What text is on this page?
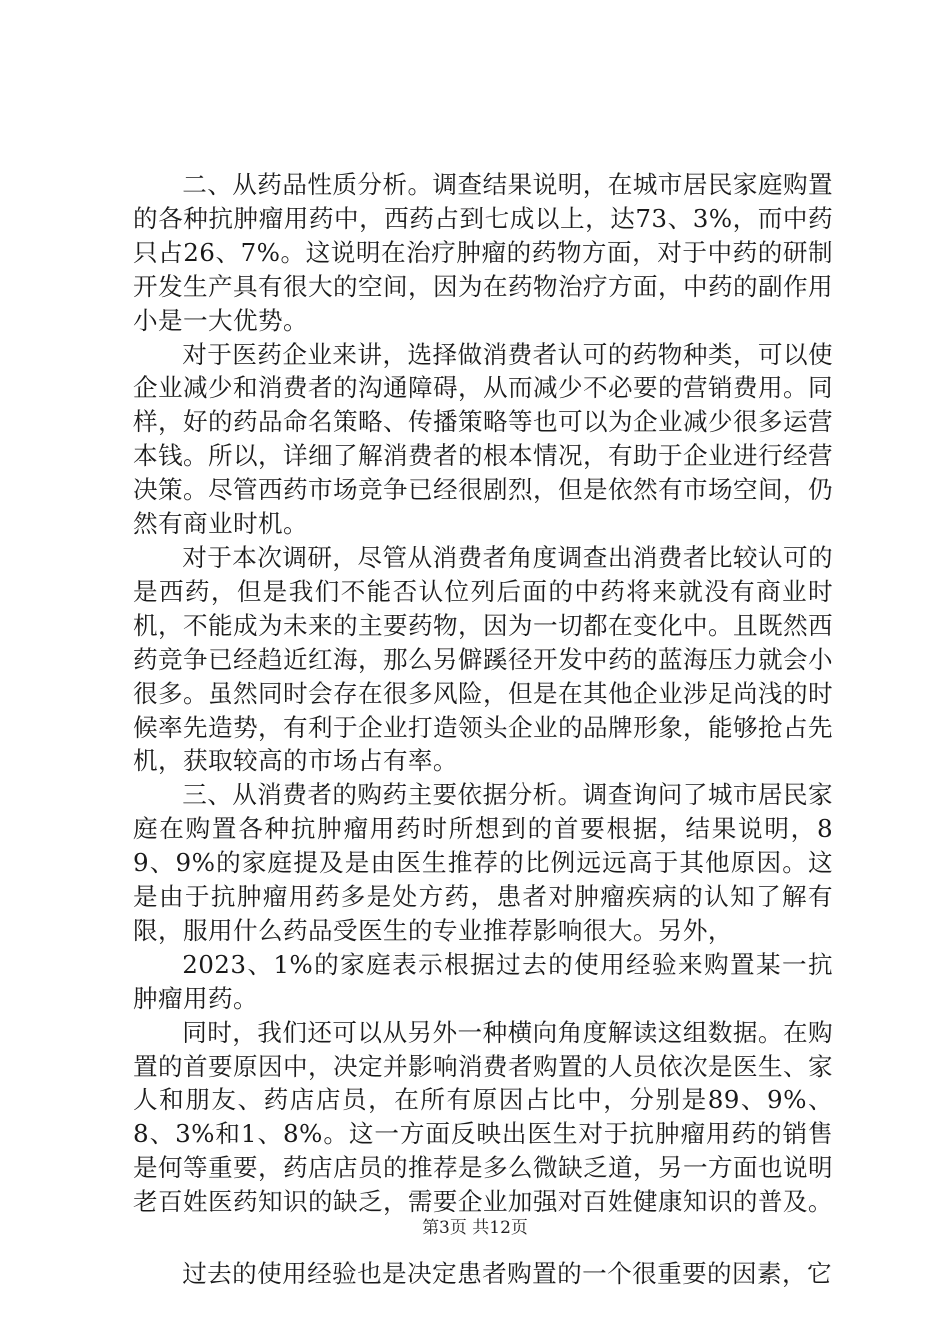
二、从药品性质分析。调查结果说明，在城市居民家庭购置的各种抗肿瘤用药中，西药占到七成以上，达73、3%，而中药只占26、7%。这说明在治疗肿瘤的药物方面，对于中药的研制开发生产具有很大的空间，因为在药物治疗方面，中药的副作用小是一大优势。

对于医药企业来讲，选择做消费者认可的药物种类，可以使企业减少和消费者的沟通障碍，从而减少不必要的营销费用。同样，好的药品命名策略、传播策略等也可以为企业减少很多运营本钱。所以，详细了解消费者的根本情况，有助于企业进行经营决策。尽管西药市场竞争已经很剧烈，但是依然有市场空间，仍然有商业时机。

对于本次调研，尽管从消费者角度调查出消费者比较认可的是西药，但是我们不能否认位列后面的中药将来就没有商业时机，不能成为未来的主要药物，因为一切都在变化中。且既然西药竞争已经趋近红海，那么另僻蹊径开发中药的蓝海压力就会小很多。虽然同时会存在很多风险，但是在其他企业涉足尚浅的时候率先造势，有利于企业打造领头企业的品牌形象，能够抢占先机，获取较高的市场占有率。

三、从消费者的购药主要依据分析。调查询问了城市居民家庭在购置各种抗肿瘤用药时所想到的首要根据，结果说明，89、9%的家庭提及是由医生推荐的比例远远高于其他原因。这是由于抗肿瘤用药多是处方药，患者对肿瘤疾病的认知了解有限，服用什么药品受医生的专业推荐影响很大。另外，

2023、1%的家庭表示根据过去的使用经验来购置某一抗肿瘤用药。

同时，我们还可以从另外一种横向角度解读这组数据。在购置的首要原因中，决定并影响消费者购置的人员依次是医生、家人和朋友、药店店员，在所有原因占比中，分别是89、9%、8、3%和1、8%。这一方面反映出医生对于抗肿瘤用药的销售是何等重要，药店店员的推荐是多么微缺乏道，另一方面也说明老百姓医药知识的缺乏，需要企业加强对百姓健康知识的普及。

过去的使用经验也是决定患者购置的一个很重要的因素，它

第3页 共12页
